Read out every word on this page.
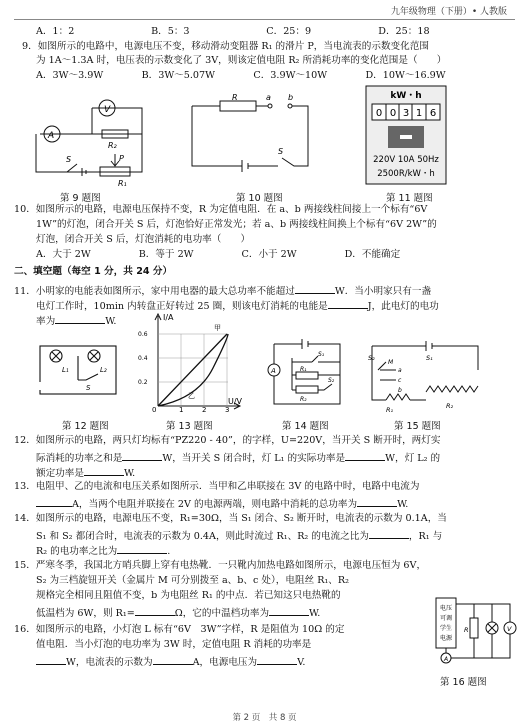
九年级物理（下册）• 人教版
A．1：2　　　　　　　　B．5：3　　　　　　　　C．25：9　　　　　　　D．25：18
9．如图所示的电路中，电源电压不变，移动滑动变阻器 R₁ 的滑片 P，当电流表的示数变化范围
为 1A～1.3A 时，电压表的示数变化了 3V，则该定值电阻 R₂ 所消耗功率的变化范围是（　　）
A．3W～3.9W　　　　B．3W～5.07W　　　　C．3.9W～10W　　　　D．10W～16.9W
V
A
R₂
R₁
P
S
R	a b
S
kW・h
0 0 3 1 6
220V 10A 50Hz
2500R/kW・h
第 9 题图	第 10 题图	第 11 题图
10．如图所示的电路，电源电压保持不变，R 为定值电阻．在 a、b 两接线柱间接上一个标有“6V
1W”的灯泡，闭合开关 S 后，灯泡恰好正常发光；若 a、b 两接线柱间换上个标有“6V 2W”的
灯泡，闭合开关 S 后，灯泡消耗的电功率（　　）
A．大于 2W　　　　　B．等于 2W　　　　　C．小于 2W　　　　　D．不能确定
二、填空题（每空 1 分，共 24 分）
11．小明家的电能表如图所示，家中用电器的最大总功率不能超过	W．当小明家只有一盏
电灯工作时，10min 内转盘正好转过 25 圈，则该电灯消耗的电能是	J，此电灯的电功
率为	W.
L₁	L₂
S
I/A
U/V
甲
乙
0	1	2	3
0.2
0.4
0.6
A
S₁
R₁
R₂
S₂
S₂
M
a
c
b
S₁
R₁	R₂
第 12 题图	第 13 题图	第 14 题图	第 15 题图
12．如图所示的电路，两只灯均标有“PZ220 - 40”，的字样，U=220V，当开关 S 断开时，两灯实
际消耗的功率之和是	W，当开关 S 闭合时，灯 L₁ 的实际功率是	W，灯 L₂ 的
额定功率是	W.
13．电阻甲、乙的电流和电压关系如图所示．当甲和乙串联接在 3V 的电路中时，电路中电流为
A，当两个电阻并联接在 2V 的电源两端，则电路中消耗的总功率为	W.
14．如图所示的电路，电源电压不变，R₁=30Ω，当 S₁ 闭合、S₂ 断开时，电流表的示数为 0.1A，当
S₁ 和 S₂ 都闭合时，电流表的示数为 0.4A，则此时流过 R₁、R₂ 的电流之比为	，R₁ 与
R₂ 的电功率之比为	.
15．严寒冬季，我国北方哨兵脚上穿有电热靴．一只靴内加热电路如图所示，电源电压恒为 6V，
S₂ 为三档旋钮开关（金属片 M 可分别拨至 a、b、c 处），电阻丝 R₁、R₂
规格完全相同且阻值不变，b 为电阻丝 R₁ 的中点．若已知这只电热靴的
低温档为 6W，则 R₁=	Ω，它的中温档功率为	W.
16．如图所示的电路，小灯泡 L 标有“6V　3W”字样，R 是阻值为 10Ω 的定
值电阻．当小灯泡的电功率为 3W 时，定值电阻 R 消耗的功率是
W，电流表的示数为	A，电源电压为	V.
电压
可调
学生
电源
R	V
A
第 16 题图
第 2 页　共 8 页
